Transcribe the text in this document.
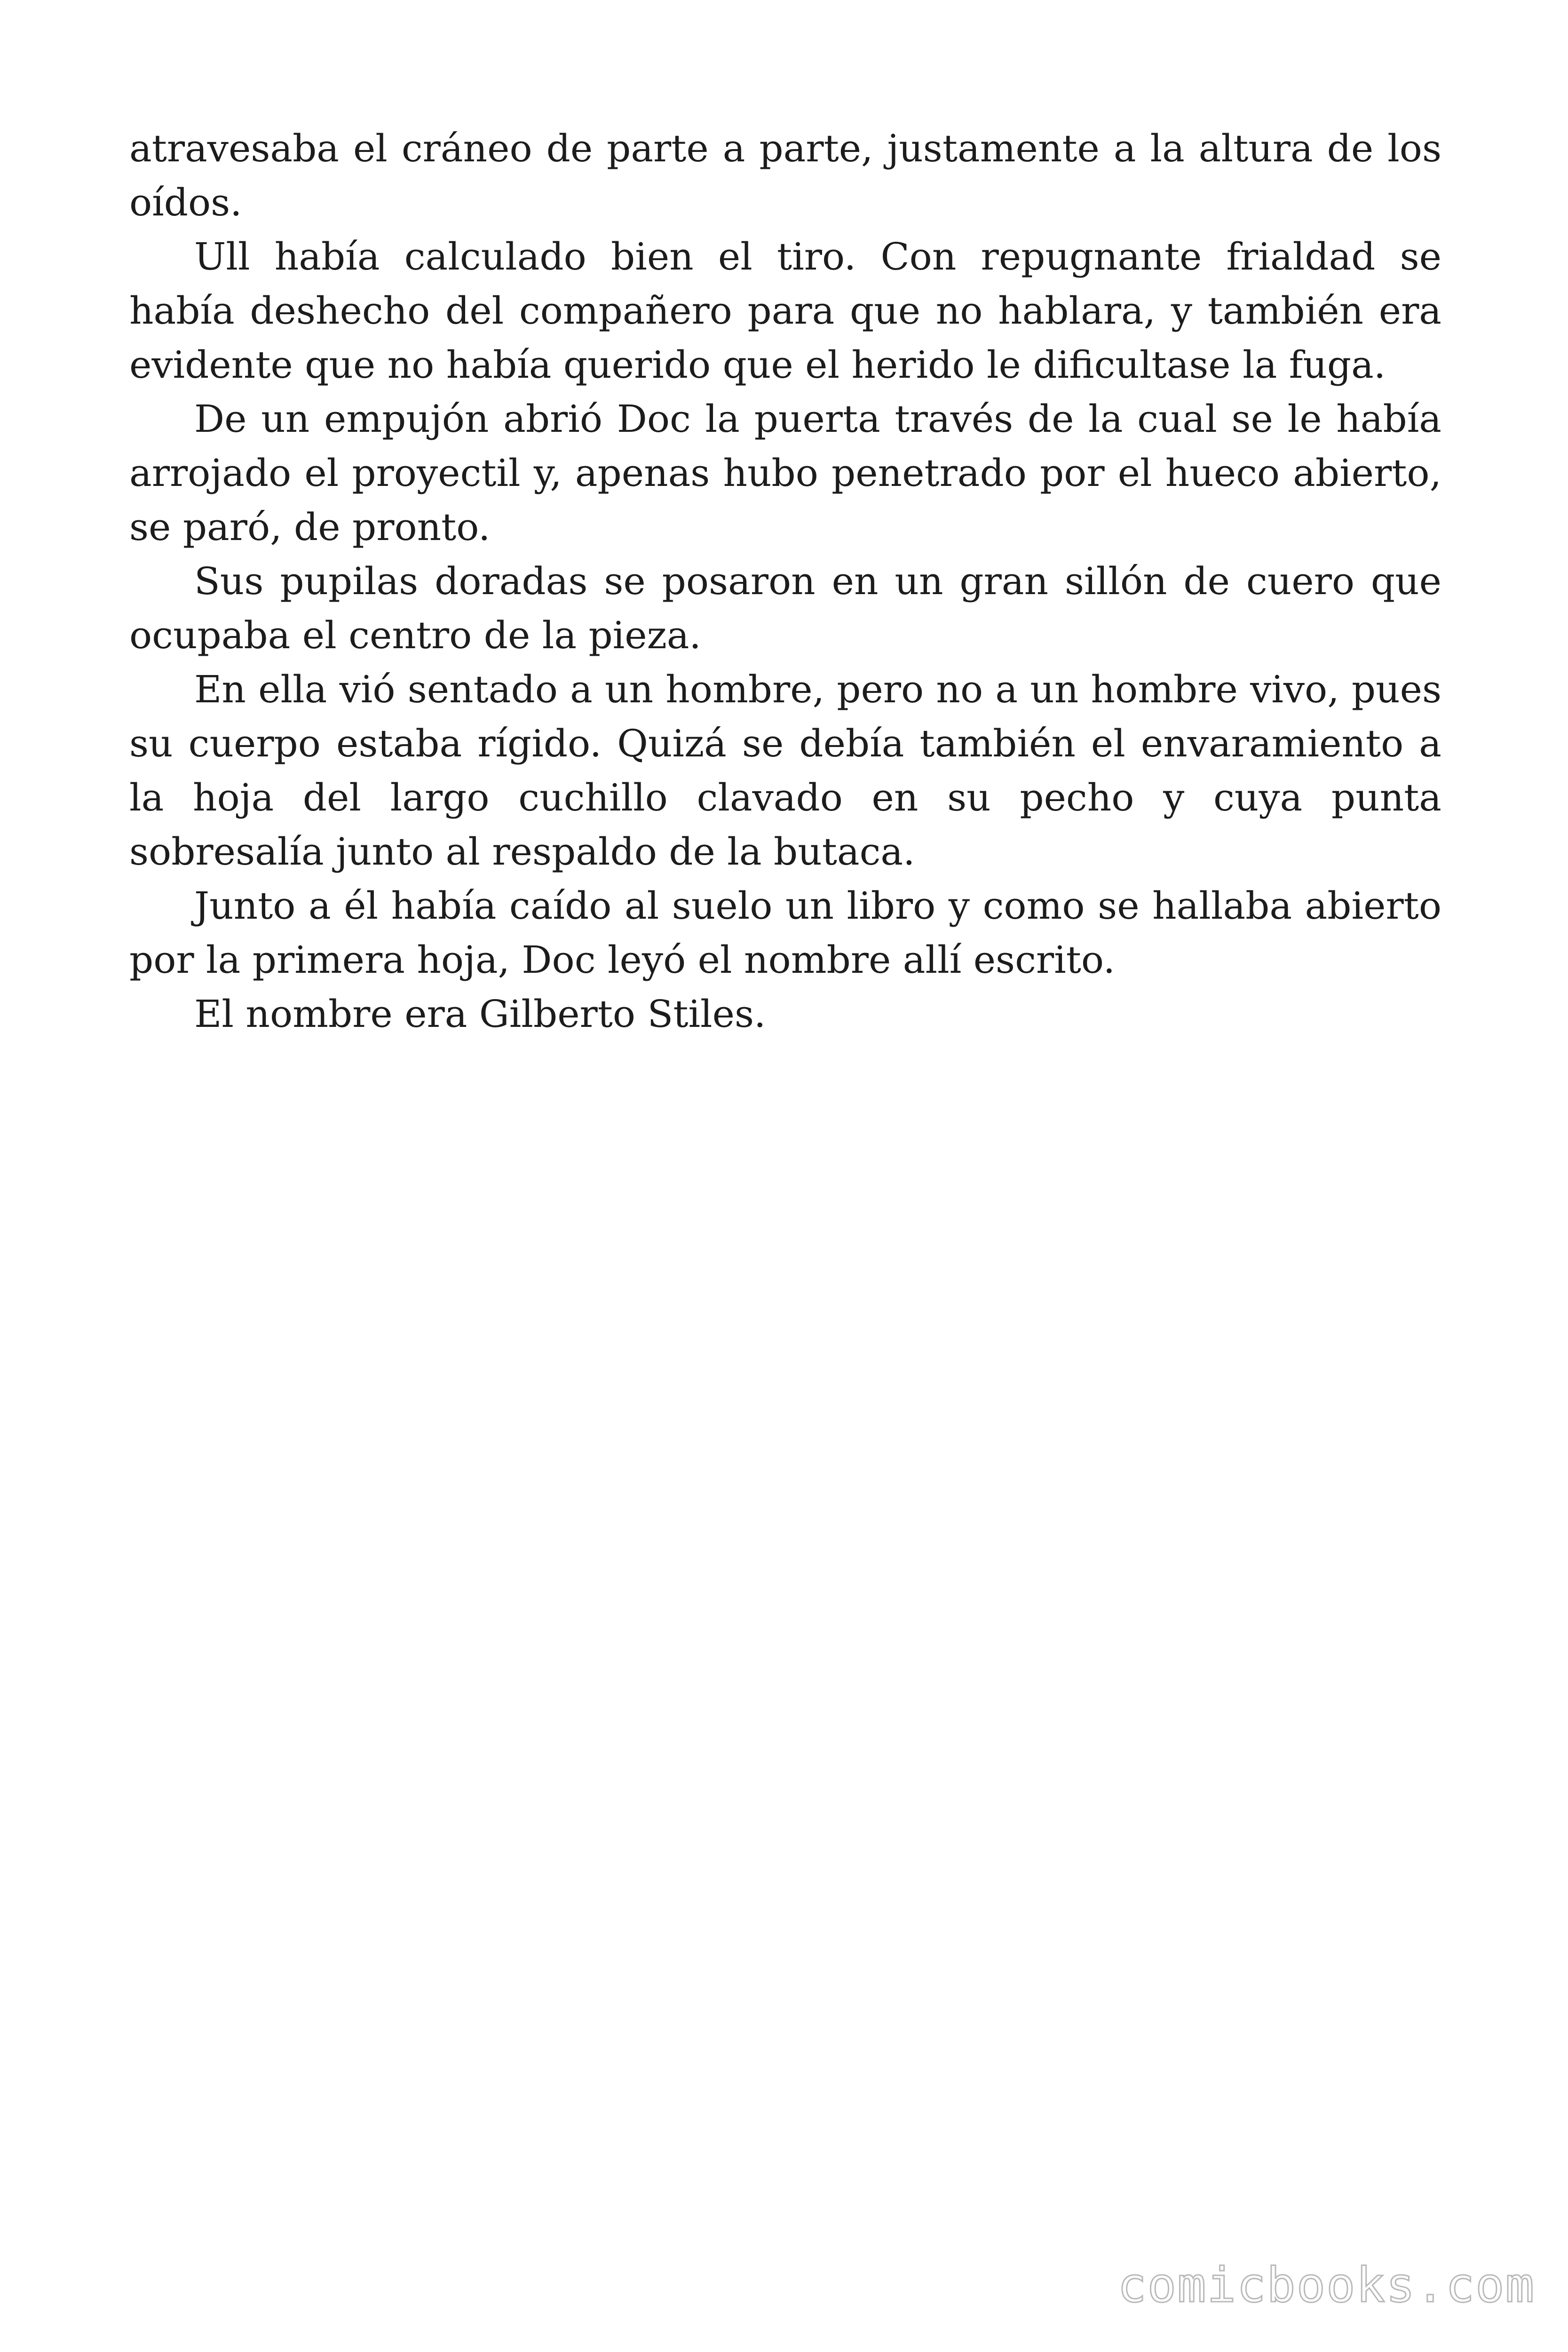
atravesaba el cráneo de parte a parte, justamente a la altura de los oídos.

Ull había calculado bien el tiro. Con repugnante frialdad se había deshecho del compañero para que no hablara, y también era evidente que no había querido que el herido le dificultase la fuga.

De un empujón abrió Doc la puerta través de la cual se le había arrojado el proyectil y, apenas hubo penetrado por el hueco abierto, se paró, de pronto.

Sus pupilas doradas se posaron en un gran sillón de cuero que ocupaba el centro de la pieza.

En ella vió sentado a un hombre, pero no a un hombre vivo, pues su cuerpo estaba rígido. Quizá se debía también el envaramiento a la hoja del largo cuchillo clavado en su pecho y cuya punta sobresalía junto al respaldo de la butaca.

Junto a él había caído al suelo un libro y como se hallaba abierto por la primera hoja, Doc leyó el nombre allí escrito.

El nombre era Gilberto Stiles.

comicbooks.com
